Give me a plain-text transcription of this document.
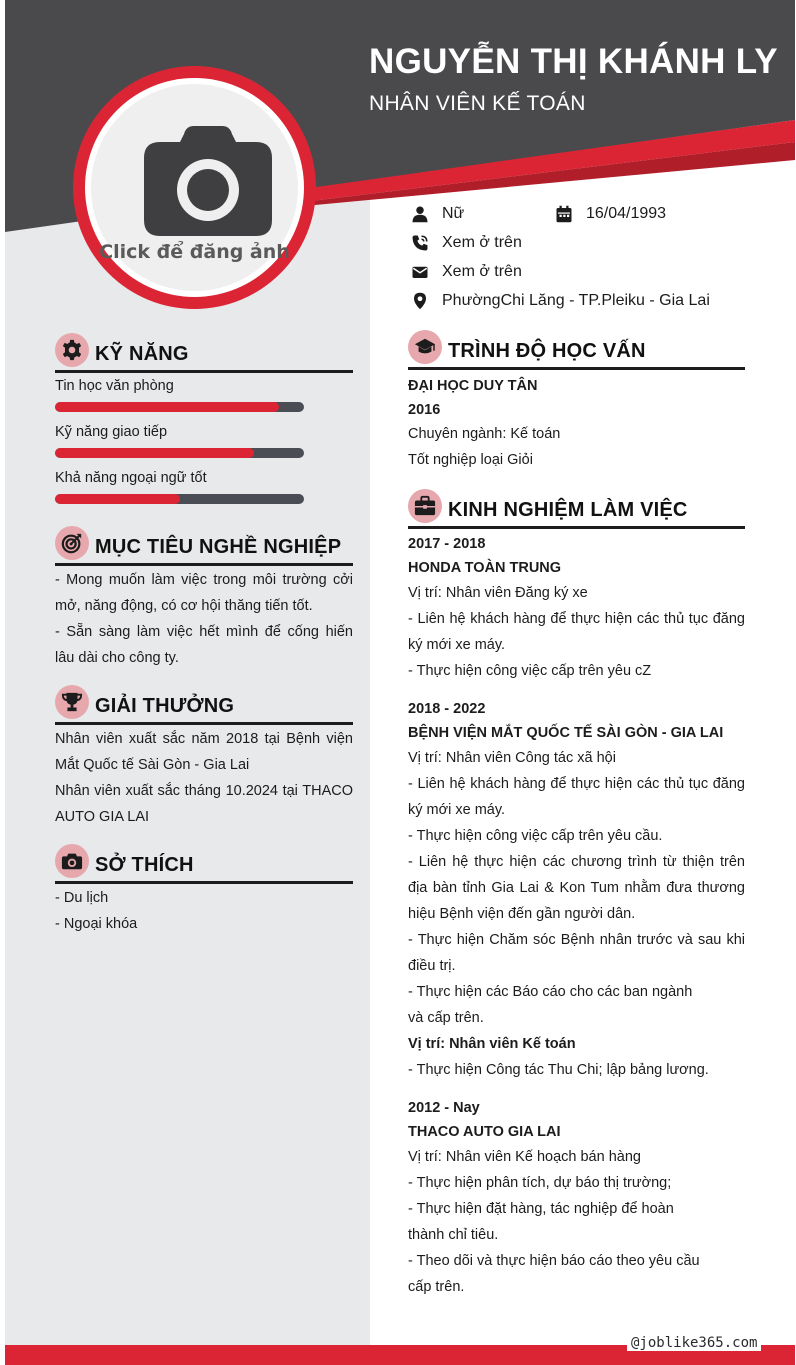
NGUYỄN THỊ KHÁNH LY
NHÂN VIÊN KẾ TOÁN
Click để đăng ảnh
Nữ	16/04/1993
Xem ở trên
Xem ở trên
PhườngChi Lăng - TP.Pleiku - Gia Lai
KỸ NĂNG
Tin học văn phòng
Kỹ năng giao tiếp
Khả năng ngoại ngữ tốt
MỤC TIÊU NGHỀ NGHIỆP

- Mong muốn làm việc trong môi trường cởi mở, năng động, có cơ hội thăng tiến tốt.

- Sẵn sàng làm việc hết mình để cống hiến lâu dài cho công ty.

GIẢI THƯỞNG

Nhân viên xuất sắc năm 2018 tại Bệnh viện Mắt Quốc tế Sài Gòn - Gia Lai

Nhân viên xuất sắc tháng 10.2024 tại THACO AUTO GIA LAI

SỞ THÍCH

- Du lịch

- Ngoại khóa

TRÌNH ĐỘ HỌC VẤN

ĐẠI HỌC DUY TÂN

2016

Chuyên ngành: Kế toán

Tốt nghiệp loại Giỏi

KINH NGHIỆM LÀM VIỆC

2017 - 2018

HONDA TOÀN TRUNG

Vị trí: Nhân viên Đăng ký xe

- Liên hệ khách hàng để thực hiện các thủ tục đăng ký mới xe máy.

- Thực hiện công việc cấp trên yêu cZ

2018 - 2022

BỆNH VIỆN MẮT QUỐC TẾ SÀI GÒN - GIA LAI

Vị trí: Nhân viên Công tác xã hội

- Liên hệ khách hàng để thực hiện các thủ tục đăng ký mới xe máy.

- Thực hiện công việc cấp trên yêu cầu.

- Liên hệ thực hiện các chương trình từ thiện trên địa bàn tỉnh Gia Lai & Kon Tum nhằm đưa thương hiệu Bệnh viện đến gần người dân.

- Thực hiện Chăm sóc Bệnh nhân trước và sau khi điều trị.

- Thực hiện các Báo cáo cho các ban ngành và cấp trên.

Vị trí: Nhân viên Kế toán

- Thực hiện Công tác Thu Chi; lập bảng lương.

2012 - Nay

THACO AUTO GIA LAI

Vị trí: Nhân viên Kế hoạch bán hàng

- Thực hiện phân tích, dự báo thị trường;

- Thực hiện đặt hàng, tác nghiệp để hoàn thành chỉ tiêu.

- Theo dõi và thực hiện báo cáo theo yêu cầu cấp trên.

@joblike365.com
